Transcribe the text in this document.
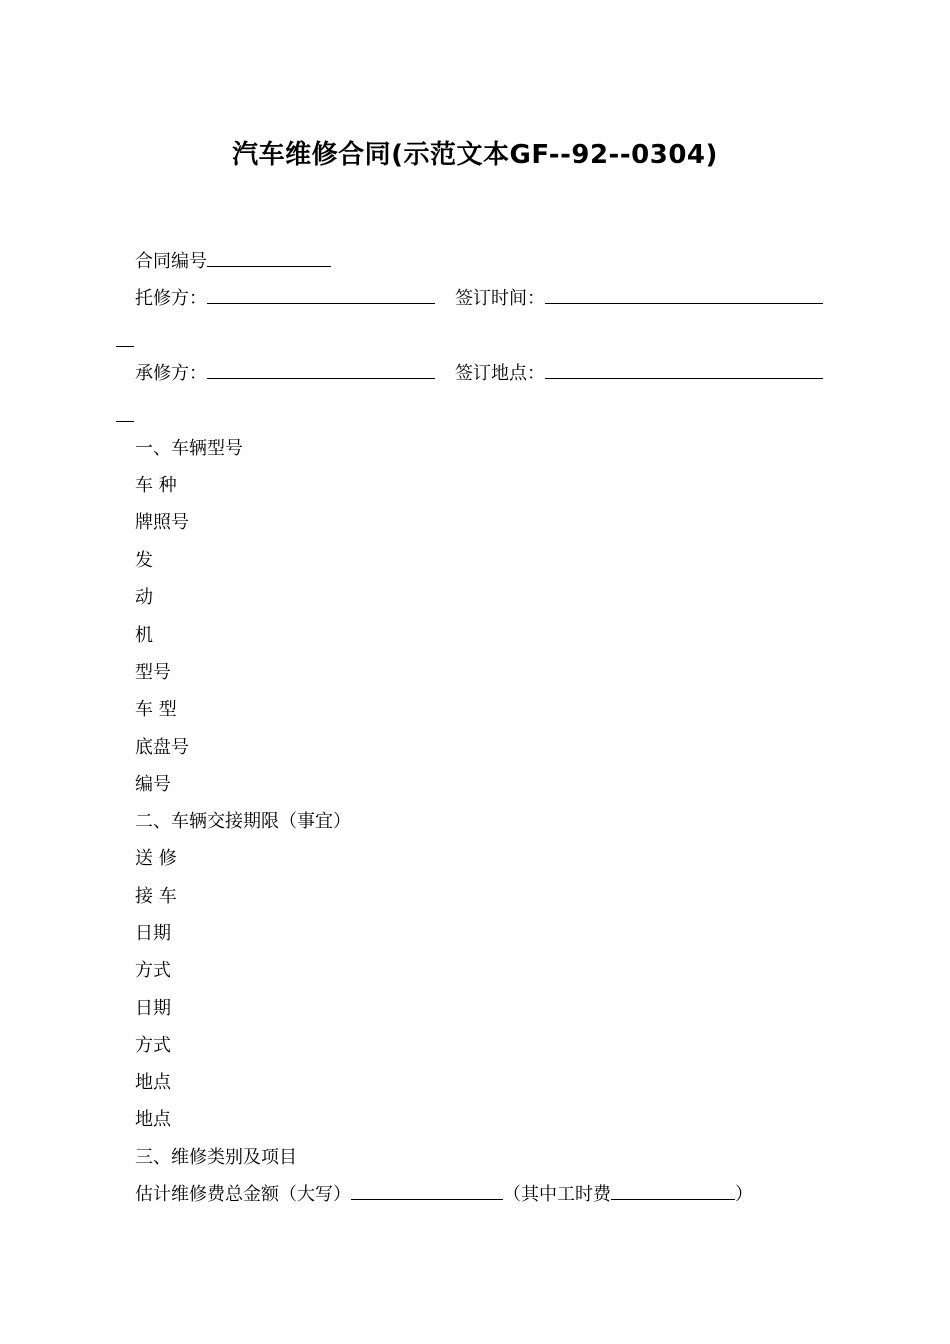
汽车维修合同(示范文本GF--92--0304)

合同编号

托修方：	签订时间：

承修方：	签订地点：

一、车辆型号

车 种

牌照号

发

动

机

型号

车 型

底盘号

编号

二、车辆交接期限（事宜）

送 修

接 车

日期

方式

日期

方式

地点

地点

三、维修类别及项目

估计维修费总金额（大写）	（其中工时费	）
